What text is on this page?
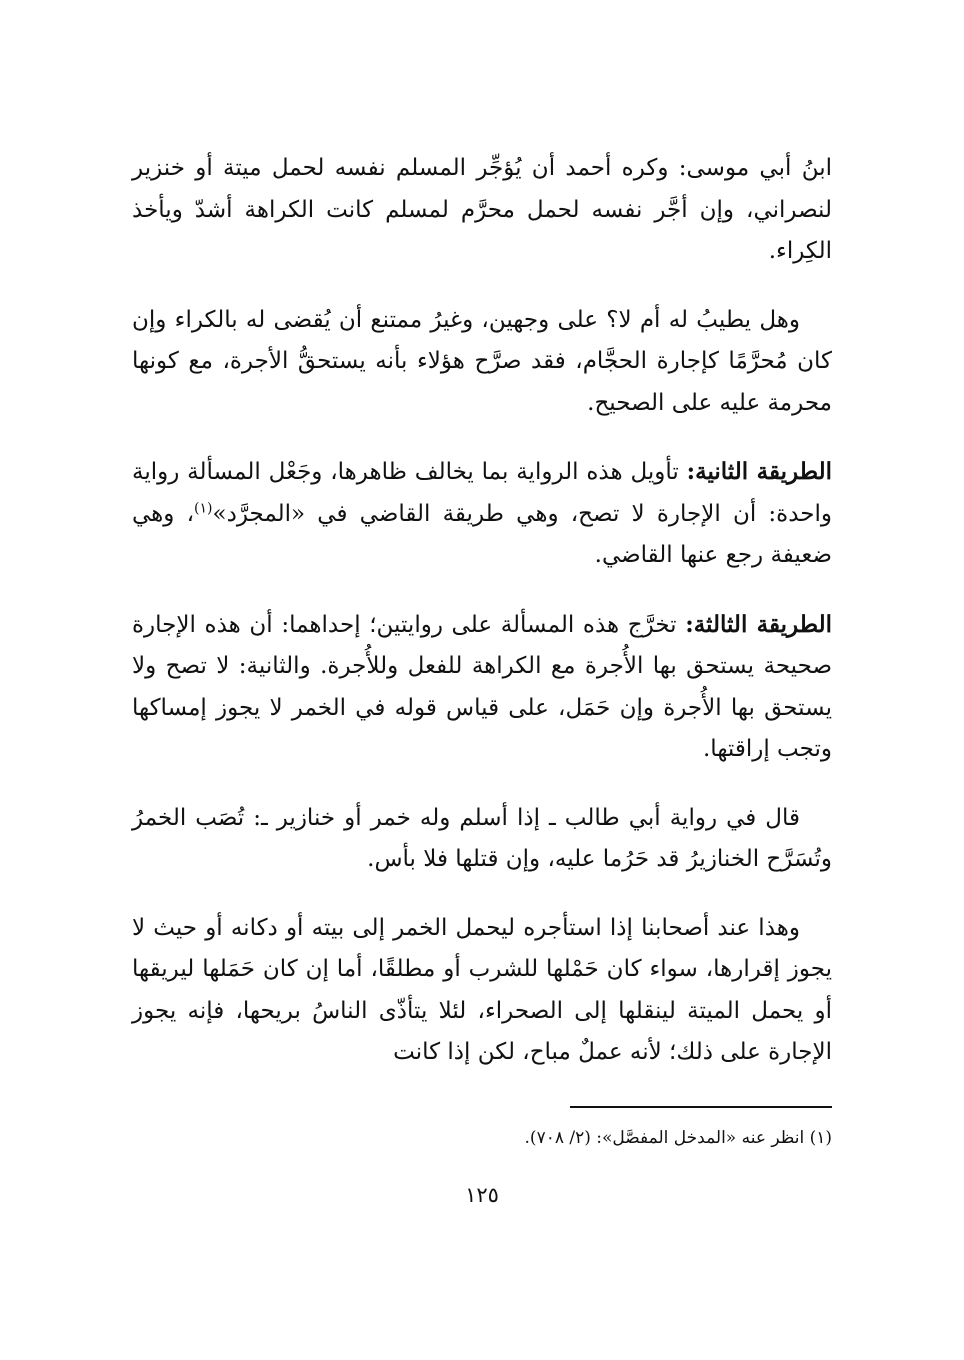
ابنُ أبي موسى: وكره أحمد أن يُؤجِّر المسلم نفسه لحمل ميتة أو خنزير لنصراني، وإن أجَّر نفسه لحمل محرَّم لمسلم كانت الكراهة أشدّ ويأخذ الكِراء.

وهل يطيبُ له أم لا؟ على وجهين، وغيرُ ممتنع أن يُقضى له بالكراء وإن كان مُحرَّمًا كإجارة الحجَّام، فقد صرَّح هؤلاء بأنه يستحقُّ الأجرة، مع كونها محرمة عليه على الصحيح.

الطريقة الثانية: تأويل هذه الرواية بما يخالف ظاهرها، وجَعْل المسألة رواية واحدة: أن الإجارة لا تصح، وهي طريقة القاضي في «المجرَّد»$^{(١)}$، وهي ضعيفة رجع عنها القاضي.

الطريقة الثالثة: تخرَّج هذه المسألة على روايتين؛ إحداهما: أن هذه الإجارة صحيحة يستحق بها الأُجرة مع الكراهة للفعل وللأُجرة. والثانية: لا تصح ولا يستحق بها الأُجرة وإن حَمَل، على قياس قوله في الخمر لا يجوز إمساكها وتجب إراقتها.

قال في رواية أبي طالب ـ إذا أسلم وله خمر أو خنازير ـ: تُصَب الخمرُ وتُسَرَّح الخنازيرُ قد حَرُما عليه، وإن قتلها فلا بأس.

وهذا عند أصحابنا إذا استأجره ليحمل الخمر إلى بيته أو دكانه أو حيث لا يجوز إقرارها، سواء كان حَمْلها للشرب أو مطلقًا، أما إن كان حَمَلها ليريقها أو يحمل الميتة لينقلها إلى الصحراء، لئلا يتأذّى الناسُ بريحها، فإنه يجوز الإجارة على ذلك؛ لأنه عملٌ مباح، لكن إذا كانت

(١) انظر عنه «المدخل المفصَّل»: (٢/ ٧٠٨).
١٢٥
